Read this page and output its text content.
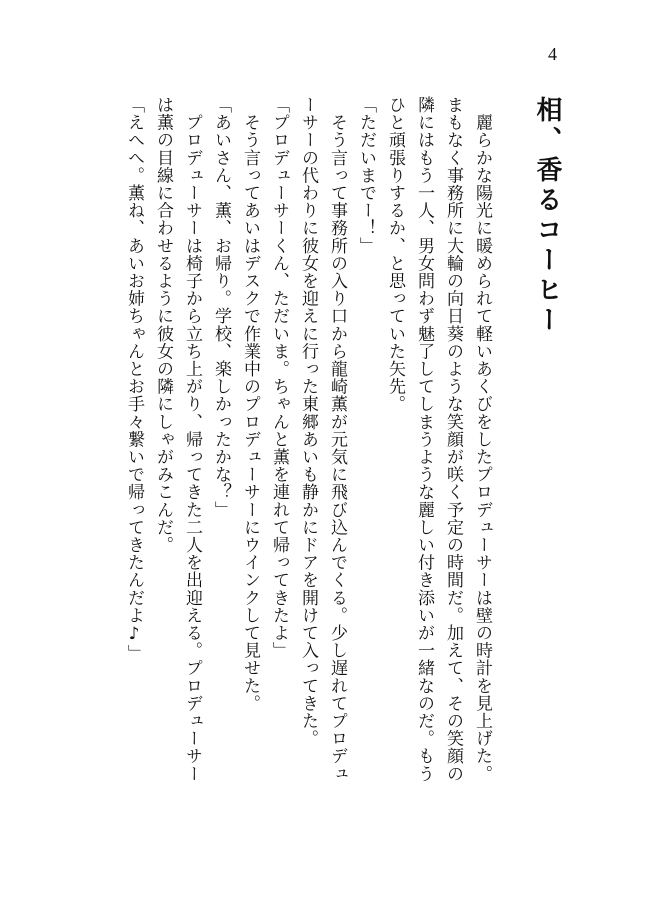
4
相、香るコーヒー

　麗らかな陽光に暖められて軽いあくびをしたプロデューサーは壁の時計を見上げた。まもなく事務所に大輪の向日葵のような笑顔が咲く予定の時間だ。加えて、その笑顔の隣にはもう一人、男女問わず魅了してしまうような麗しい付き添いが一緒なのだ。もうひと頑張りするか、と思っていた矢先。

「ただいまでー！」

　そう言って事務所の入り口から龍崎薫が元気に飛び込んでくる。少し遅れてプロデューサーの代わりに彼女を迎えに行った東郷あいも静かにドアを開けて入ってきた。

「プロデューサーくん、ただいま。ちゃんと薫を連れて帰ってきたよ」

　そう言ってあいはデスクで作業中のプロデューサーにウインクして見せた。

「あいさん、薫、お帰り。学校、楽しかったかな？」

　プロデューサーは椅子から立ち上がり、帰ってきた二人を出迎える。プロデューサーは薫の目線に合わせるように彼女の隣にしゃがみこんだ。

「えへへ。薫ね、あいお姉ちゃんとお手々繋いで帰ってきたんだよ♪」
